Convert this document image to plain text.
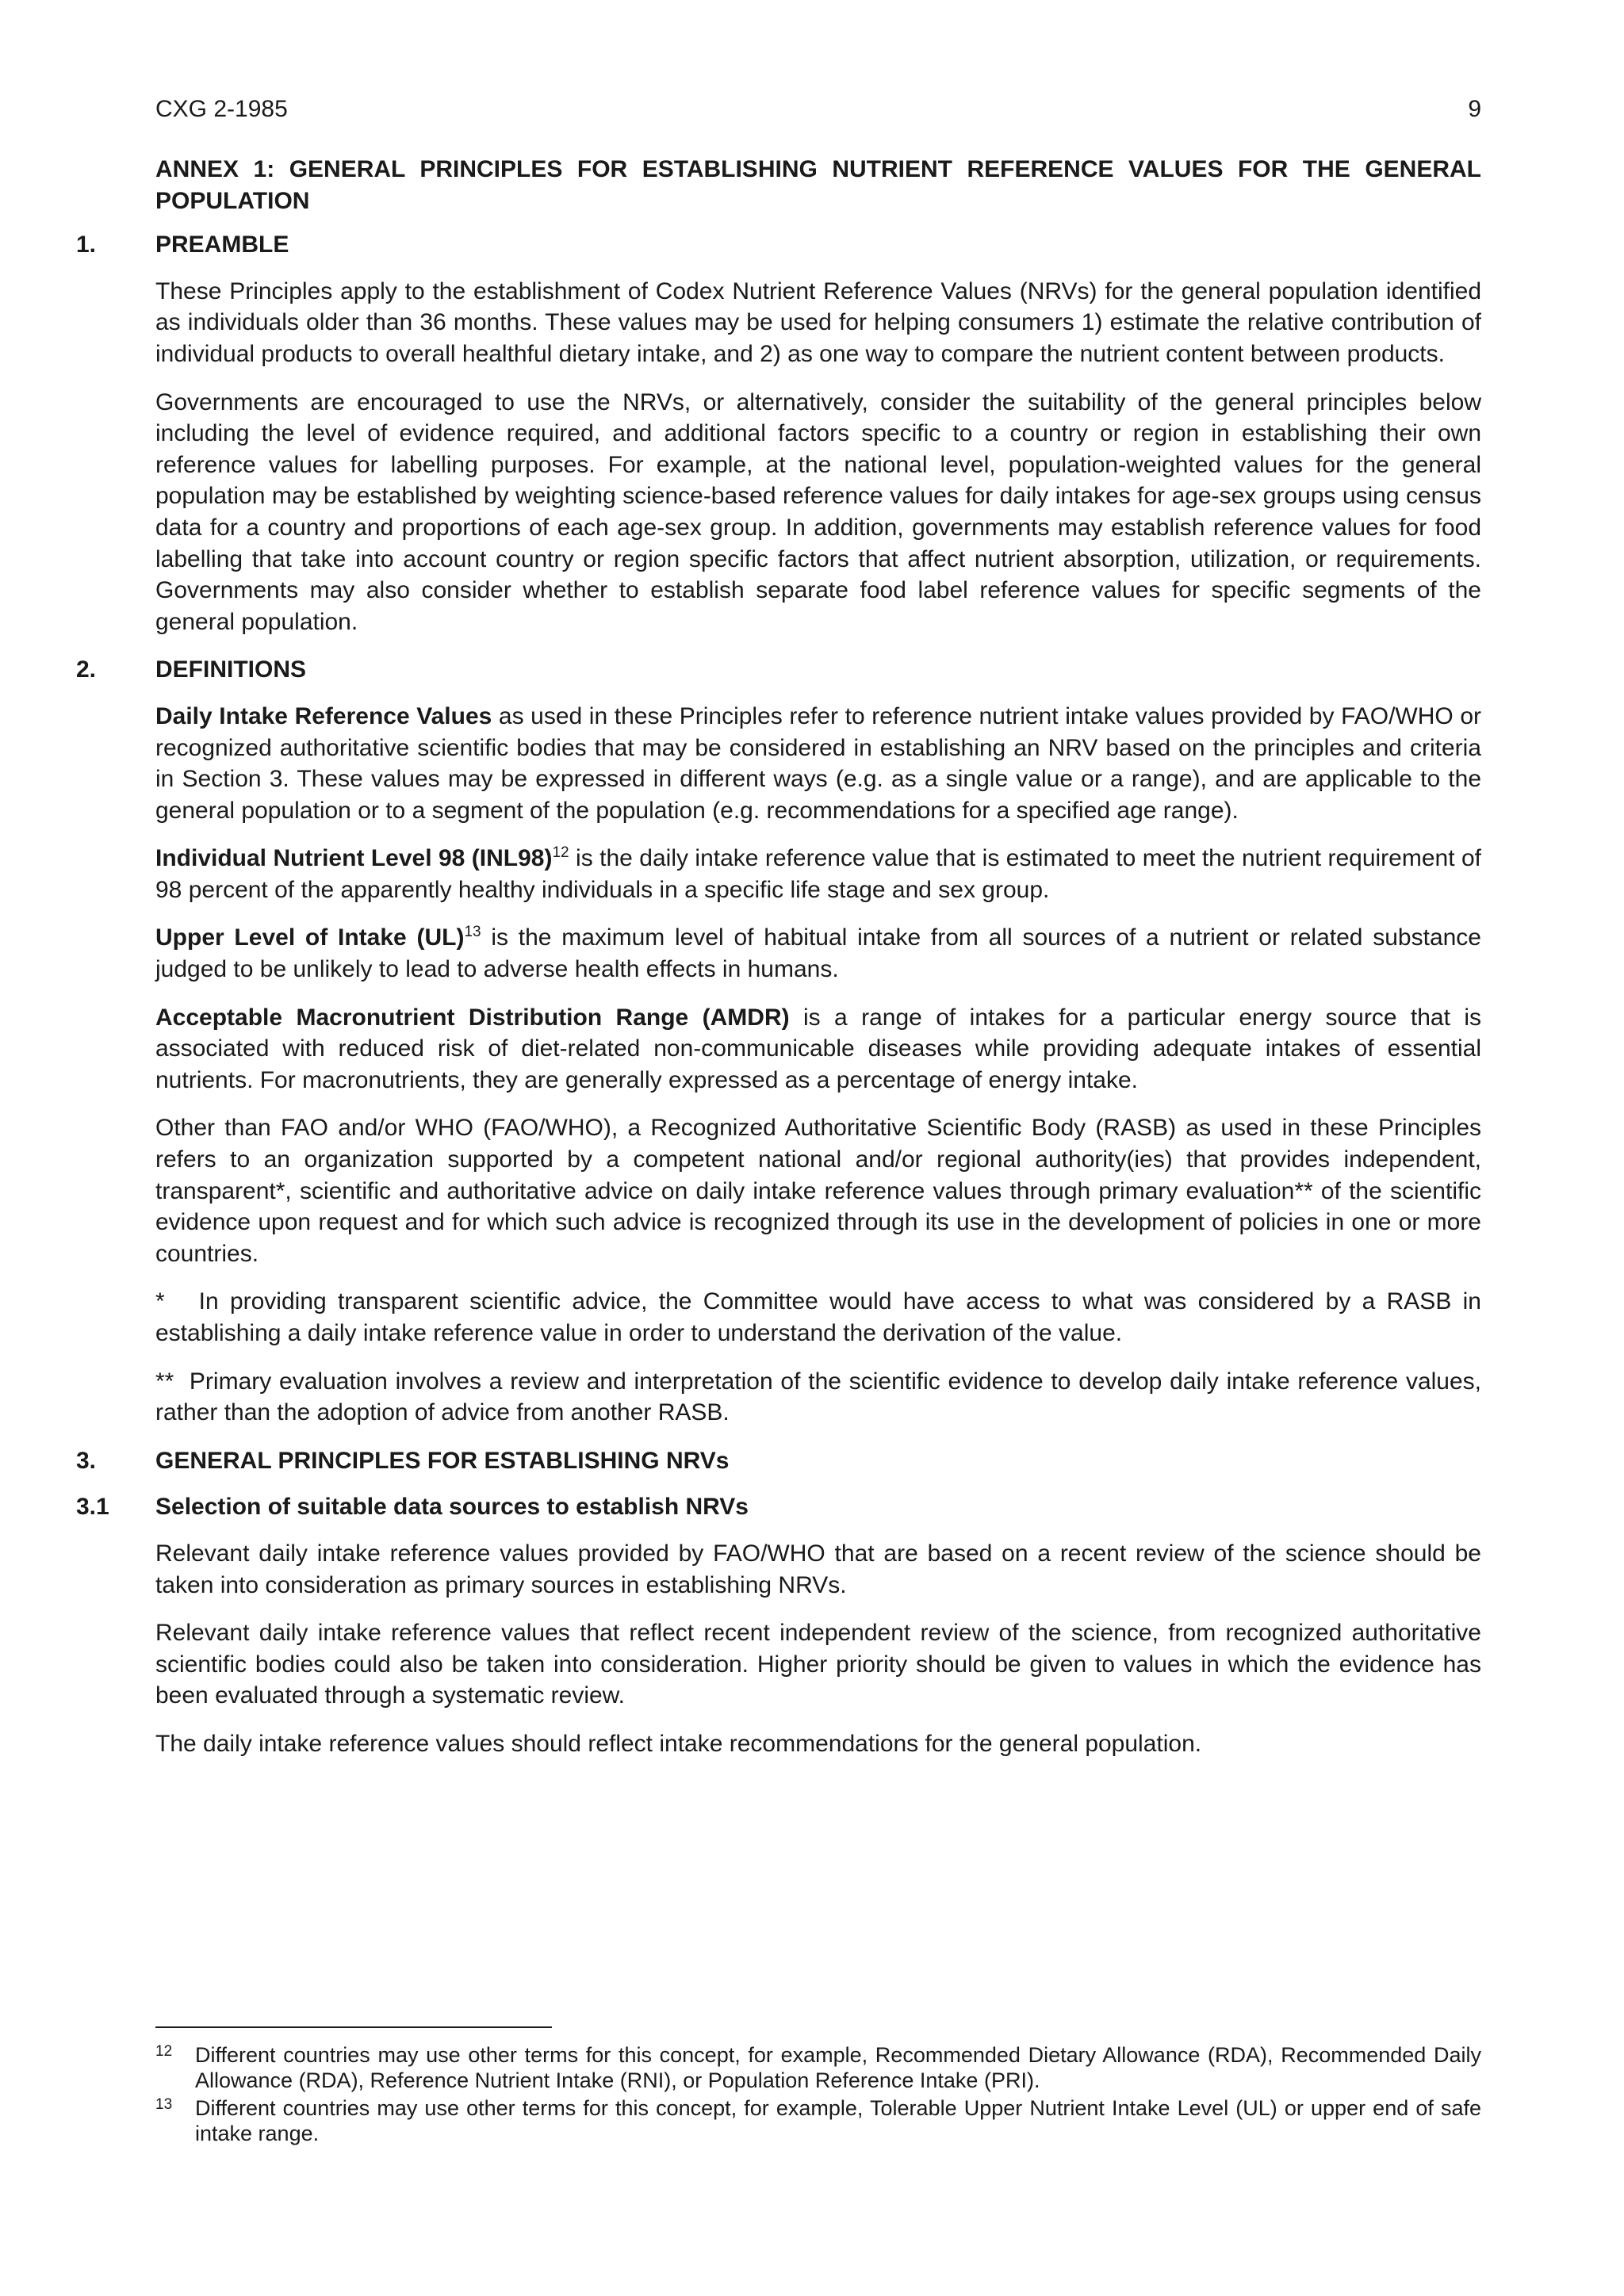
CXG 2-1985	9
ANNEX 1: GENERAL PRINCIPLES FOR ESTABLISHING NUTRIENT REFERENCE VALUES FOR THE GENERAL POPULATION
1. PREAMBLE

These Principles apply to the establishment of Codex Nutrient Reference Values (NRVs) for the general population identified as individuals older than 36 months. These values may be used for helping consumers 1) estimate the relative contribution of individual products to overall healthful dietary intake, and 2) as one way to compare the nutrient content between products.

Governments are encouraged to use the NRVs, or alternatively, consider the suitability of the general principles below including the level of evidence required, and additional factors specific to a country or region in establishing their own reference values for labelling purposes. For example, at the national level, population-weighted values for the general population may be established by weighting science-based reference values for daily intakes for age-sex groups using census data for a country and proportions of each age-sex group. In addition, governments may establish reference values for food labelling that take into account country or region specific factors that affect nutrient absorption, utilization, or requirements. Governments may also consider whether to establish separate food label reference values for specific segments of the general population.

2. DEFINITIONS

Daily Intake Reference Values as used in these Principles refer to reference nutrient intake values provided by FAO/WHO or recognized authoritative scientific bodies that may be considered in establishing an NRV based on the principles and criteria in Section 3. These values may be expressed in different ways (e.g. as a single value or a range), and are applicable to the general population or to a segment of the population (e.g. recommendations for a specified age range).

Individual Nutrient Level 98 $(INL98)^{12}$ is the daily intake reference value that is estimated to meet the nutrient requirement of 98 percent of the apparently healthy individuals in a specific life stage and sex group.

Upper Level of Intake (UL)$^{13}$ is the maximum level of habitual intake from all sources of a nutrient or related substance judged to be unlikely to lead to adverse health effects in humans.

Acceptable Macronutrient Distribution Range (AMDR) is a range of intakes for a particular energy source that is associated with reduced risk of diet-related non-communicable diseases while providing adequate intakes of essential nutrients. For macronutrients, they are generally expressed as a percentage of energy intake.

Other than FAO and/or WHO (FAO/WHO), a Recognized Authoritative Scientific Body (RASB) as used in these Principles refers to an organization supported by a competent national and/or regional authority(ies) that provides independent, transparent*, scientific and authoritative advice on daily intake reference values through primary evaluation** of the scientific evidence upon request and for which such advice is recognized through its use in the development of policies in one or more countries.

*   In providing transparent scientific advice, the Committee would have access to what was considered by a RASB in establishing a daily intake reference value in order to understand the derivation of the value.

**  Primary evaluation involves a review and interpretation of the scientific evidence to develop daily intake reference values, rather than the adoption of advice from another RASB.

3. GENERAL PRINCIPLES FOR ESTABLISHING NRVs
3.1 Selection of suitable data sources to establish NRVs

Relevant daily intake reference values provided by FAO/WHO that are based on a recent review of the science should be taken into consideration as primary sources in establishing NRVs.

Relevant daily intake reference values that reflect recent independent review of the science, from recognized authoritative scientific bodies could also be taken into consideration. Higher priority should be given to values in which the evidence has been evaluated through a systematic review.

The daily intake reference values should reflect intake recommendations for the general population.

12 Different countries may use other terms for this concept, for example, Recommended Dietary Allowance (RDA), Recommended Daily Allowance (RDA), Reference Nutrient Intake (RNI), or Population Reference Intake (PRI).
13 Different countries may use other terms for this concept, for example, Tolerable Upper Nutrient Intake Level (UL) or upper end of safe intake range.
